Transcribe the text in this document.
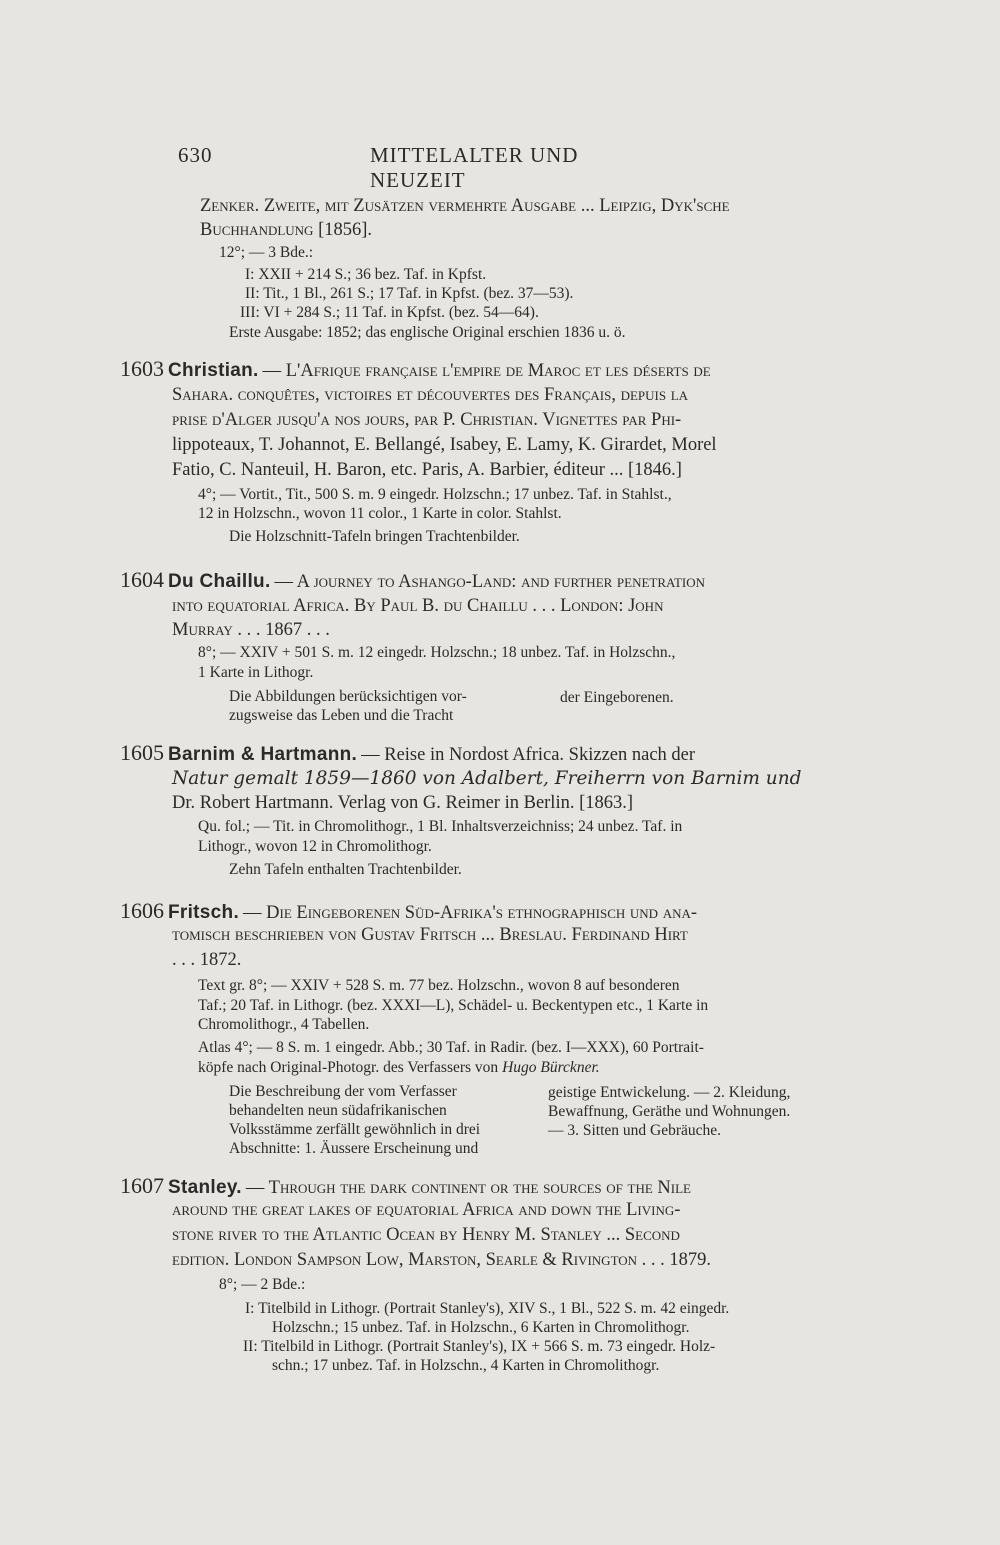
630	MITTELALTER UND NEUZEIT
Zenker. Zweite, mit Zusätzen vermehrte Ausgabe ... Leipzig, Dyk'sche
Buchhandlung [1856].
12°; — 3 Bde.:
I: XXII + 214 S.; 36 bez. Taf. in Kpfst.
II: Tit., 1 Bl., 261 S.; 17 Taf. in Kpfst. (bez. 37—53).
III: VI + 284 S.; 11 Taf. in Kpfst. (bez. 54—64).
Erste Ausgabe: 1852; das englische Original erschien 1836 u. ö.
1603 Christian. — L'Afrique française l'empire de Maroc et les déserts de
Sahara. conquêtes, victoires et découvertes des Français, depuis la
prise d'Alger jusqu'a nos jours, par P. Christian. Vignettes par Phi-
lippoteaux, T. Johannot, E. Bellangé, Isabey, E. Lamy, K. Girardet, Morel
Fatio, C. Nanteuil, H. Baron, etc. Paris, A. Barbier, éditeur ... [1846.]
4°; — Vortit., Tit., 500 S. m. 9 eingedr. Holzschn.; 17 unbez. Taf. in Stahlst.,
12 in Holzschn., wovon 11 color., 1 Karte in color. Stahlst.
Die Holzschnitt-Tafeln bringen Trachtenbilder.
1604 Du Chaillu. — A journey to Ashango-Land: and further penetration
into equatorial Africa. By Paul B. du Chaillu . . . London: John
Murray . . . 1867 . . .
8°; — XXIV + 501 S. m. 12 eingedr. Holzschn.; 18 unbez. Taf. in Holzschn.,
1 Karte in Lithogr.
Die Abbildungen berücksichtigen vor-
zugsweise das Leben und die Tracht
der Eingeborenen.
1605 Barnim & Hartmann. — Reise in Nordost Africa. Skizzen nach der
Natur gemalt 1859—1860 von Adalbert, Freiherrn von Barnim und
Dr. Robert Hartmann. Verlag von G. Reimer in Berlin. [1863.]
Qu. fol.; — Tit. in Chromolithogr., 1 Bl. Inhaltsverzeichniss; 24 unbez. Taf. in
Lithogr., wovon 12 in Chromolithogr.
Zehn Tafeln enthalten Trachtenbilder.
1606 Fritsch. — Die Eingeborenen Süd-Afrika's ethnographisch und ana-
tomisch beschrieben von Gustav Fritsch ... Breslau. Ferdinand Hirt
. . . 1872.
Text gr. 8°; — XXIV + 528 S. m. 77 bez. Holzschn., wovon 8 auf besonderen
Taf.; 20 Taf. in Lithogr. (bez. XXXI—L), Schädel- u. Beckentypen etc., 1 Karte in
Chromolithogr., 4 Tabellen.
Atlas 4°; — 8 S. m. 1 eingedr. Abb.; 30 Taf. in Radir. (bez. I—XXX), 60 Portrait-
köpfe nach Original-Photogr. des Verfassers von Hugo Bürckner.
Die Beschreibung der vom Verfasser
behandelten neun südafrikanischen
Volksstämme zerfällt gewöhnlich in drei
Abschnitte: 1. Äussere Erscheinung und
geistige Entwickelung. — 2. Kleidung,
Bewaffnung, Geräthe und Wohnungen.
— 3. Sitten und Gebräuche.
1607 Stanley. — Through the dark continent or the sources of the Nile
around the great lakes of equatorial Africa and down the Living-
stone river to the Atlantic Ocean by Henry M. Stanley ... Second
edition. London Sampson Low, Marston, Searle & Rivington . . . 1879.
8°; — 2 Bde.:
I: Titelbild in Lithogr. (Portrait Stanley's), XIV S., 1 Bl., 522 S. m. 42 eingedr.
Holzschn.; 15 unbez. Taf. in Holzschn., 6 Karten in Chromolithogr.
II: Titelbild in Lithogr. (Portrait Stanley's), IX + 566 S. m. 73 eingedr. Holz-
schn.; 17 unbez. Taf. in Holzschn., 4 Karten in Chromolithogr.
